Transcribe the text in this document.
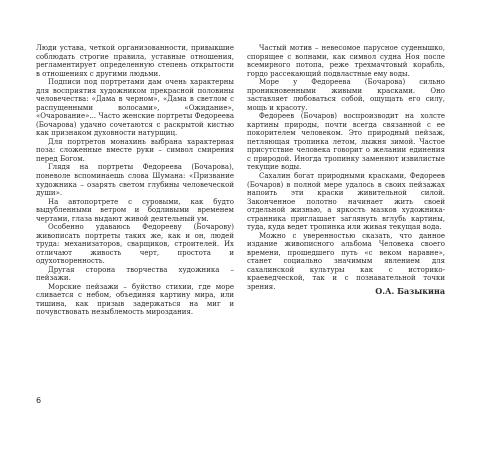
Люди устава, четкой организованности, привыкшие соблюдать строгие правила, уставные отношения, регламентирует определенную степень открытости в отношениях с другими людьми.

Подписи под портретами дам очень характерны для восприятия художником прекрасной половины человечества: «Дама в черном», «Дама в светлом с распущенными волосами», «Ожидание», «Очарование»... Часто женские портреты Федореева (Бочарова) удачно сочетаются с раскрытой кистью как признаком духовности натурщиц.

Для портретов монахинь выбрана характерная поза: сложенные вместе руки – символ смирения перед Богом.

Глядя на портреты Федореева (Бочарова), поневоле вспоминаешь слова Шумана: «Призвание художника – озарять светом глубины человеческой души».

На автопортрете с суровыми, как будто выдубленными ветром и бодливыми временем чертами, глаза выдают живой деятельный ум.

Особенно удаваюсь Федорееву (Бочарову) живописать портреты таких же, как и он, людей труда: механизаторов, сварщиков, строителей. Их отличают живость черт, простота и одухотворенность.

Другая сторона творчества художника – пейзажи.

Морские пейзажи – буйство стихии, где море сливается с небом, объединяя картину мира, или тишина, как призыв задержаться на миг и почувствовать незыблемость мироздания.

Частый мотив – невесомое парусное суденышко, спорящее с волнами, как символ судна Ноя после всемирного потопа, реже трехмачтовый корабль, гордо рассекающий подвластные ему воды.

Море у Федореева (Бочарова) сильно проникновенными живыми красками. Оно заставляет любоваться собой, ощущать его силу, мощь и красоту.

Федореев (Бочаров) воспроизводит на холсте картины природы, почти всегда связанной с ее покорителем человеком. Это природный пейзаж, петляющая тропинка летом, лыжня зимой. Частое присутствие человека говорит о желании единения с природой. Иногда тропинку заменяют извилистые текущие воды.

Сахалин богат природными красками, Федореев (Бочаров) в полной мере удалось в своих пейзажах напоить эти краски живительной силой. Законченное полотно начинает жить своей отдельной жизнью, а яркость мазков художника-странника приглашает заглянуть вглубь картины, туда, куда ведет тропинка или живая текущая вода.

Можно с уверенностью сказать, что данное издание живописного альбома Человека своего времени, прошедшего путь «с веком наравне», станет социально значимым явлением для сахалинской культуры как с историко-краеведческой, так и с познавательной точки зрения.	О.А. Базыкина
6
